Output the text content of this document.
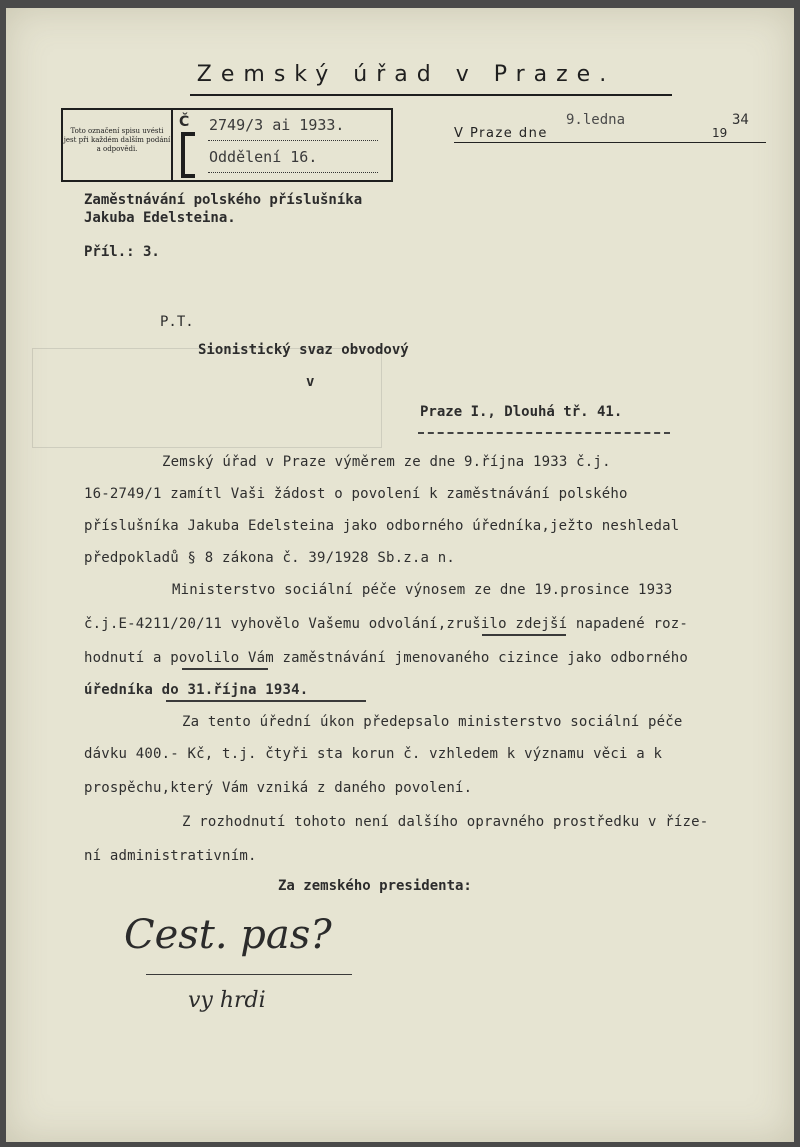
Zemský úřad v Praze.
Toto označení spisu uvésti jest při každém dalším podání a odpovědi.
Č 2749/3 ai 1933.
Oddělení 16.
V Praze dne
9.ledna
19
34
Zaměstnávání polského příslušníka
Jakuba Edelsteina.
Příl.: 3.
P.T.
Sionistický svaz obvodový
v
Praze I., Dlouhá tř. 41.
Zemský úřad v Praze výměrem ze dne 9.října 1933 č.j.
16-2749/1 zamítl Vaši žádost o povolení k zaměstnávání polského
příslušníka Jakuba Edelsteina jako odborného úředníka,ježto neshledal
předpokladů § 8 zákona č. 39/1928 Sb.z.a n.
Ministerstvo sociální péče výnosem ze dne 19.prosince 1933
č.j.E-4211/20/11 vyhovělo Vašemu odvolání,zrušilo zdejší napadené roz-
hodnutí a povolilo Vám zaměstnávání jmenovaného cizince jako odborného
úředníka do 31.října 1934.
Za tento úřední úkon předepsalo ministerstvo sociální péče
dávku 400.- Kč, t.j. čtyři sta korun č. vzhledem k významu věci a k
prospěchu,který Vám vzniká z daného povolení.
Z rozhodnutí tohoto není dalšího opravného prostředku v říze-
ní administrativním.
Za zemského presidenta:
Cest. pas?
vy hrdi
